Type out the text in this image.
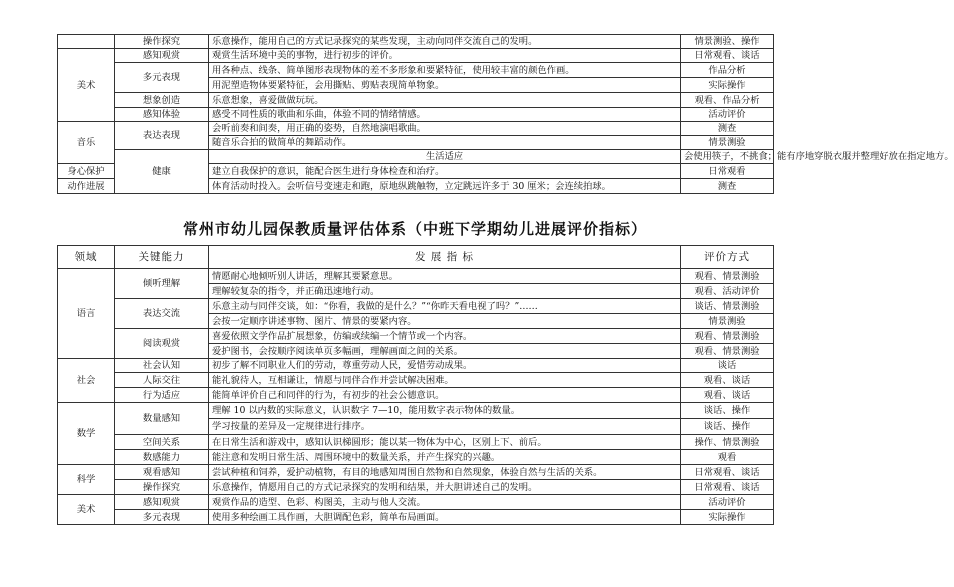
	操作探究	乐意操作，能用自己的方式记录探究的某些发现，主动向同伴交流自己的发明。	情景测验、操作	
美术	感知观赏	观赏生活环境中美的事物，进行初步的评价。	日常观看、谈话	
	多元表现	用各种点、线条、简单图形表现物体的差不多形象和要紧特征，使用较丰富的颜色作画。	作品分析	
		用泥塑造物体要紧特征，会用撕贴、剪贴表现简单物象。	实际操作	
	想象创造	乐意想象，喜爱做做玩玩。	观看、作品分析	
	感知体验	感受不同性质的歌曲和乐曲，体验不同的情绪情感。	活动评价	
音乐	表达表现	会听前奏和间奏，用正确的姿势，自然地演唱歌曲。	测查	
		随音乐合拍的做简单的舞蹈动作。	情景测验	
	健康	生活适应	会使用筷子，不挑食；能有序地穿脱衣服并整理好放在指定地方。	
身心保护		建立自我保护的意识，能配合医生进行身体检查和治疗。	日常观看	
动作进展		体育活动时投入。会听信号变速走和跑，原地纵跳触物，立定跳远许多于 30 厘米；会连续拍球。	测查	
常州市幼儿园保教质量评估体系（中班下学期幼儿进展评价指标）
领域	关键能力	发 展 指 标	评价方式
语言	倾听理解	情愿耐心地倾听别人讲话，理解其要紧意思。	观看、情景测验
		理解较复杂的指令，并正确迅速地行动。	观看、活动评价
	表达交流	乐意主动与同伴交谈，如：“你看，我做的是什么？”“你昨天看电视了吗？”……	谈话、情景测验
		会按一定顺序讲述事物、图片、情景的要紧内容。	情景测验
	阅读观赏	喜爱依照文学作品扩展想象，仿编或续编一个情节或一个内容。	观看、情景测验
		爱护图书，会按顺序阅读单页多幅画，理解画面之间的关系。	观看、情景测验
社会	社会认知	初步了解不同职业人们的劳动，尊重劳动人民，爱惜劳动成果。	谈话
	人际交往	能礼貌待人，互相谦让，情愿与同伴合作并尝试解决困难。	观看、谈话
	行为适应	能简单评价自己和同伴的行为，有初步的社会公德意识。	观看、谈话
数学	数量感知	理解 10 以内数的实际意义，认识数字 7—10，能用数字表示物体的数量。	谈话、操作
		学习按量的差异及一定规律进行排序。	谈话、操作
	空间关系	在日常生活和游戏中，感知认识梯圆形；能以某一物体为中心，区别上下、前后。	操作、情景测验
	数感能力	能注意和发明日常生活、周围环境中的数量关系，并产生探究的兴趣。	观看
科学	观看感知	尝试种植和饲养，爱护动植物，有目的地感知周围自然物和自然现象，体验自然与生活的关系。	日常观看、谈话
	操作探究	乐意操作，情愿用自己的方式记录探究的发明和结果，并大胆讲述自己的发明。	日常观看、谈话
美术	感知观赏	观赏作品的造型、色彩、构图美，主动与他人交流。	活动评价
	多元表现	使用多种绘画工具作画，大胆调配色彩，简单布局画面。	实际操作
